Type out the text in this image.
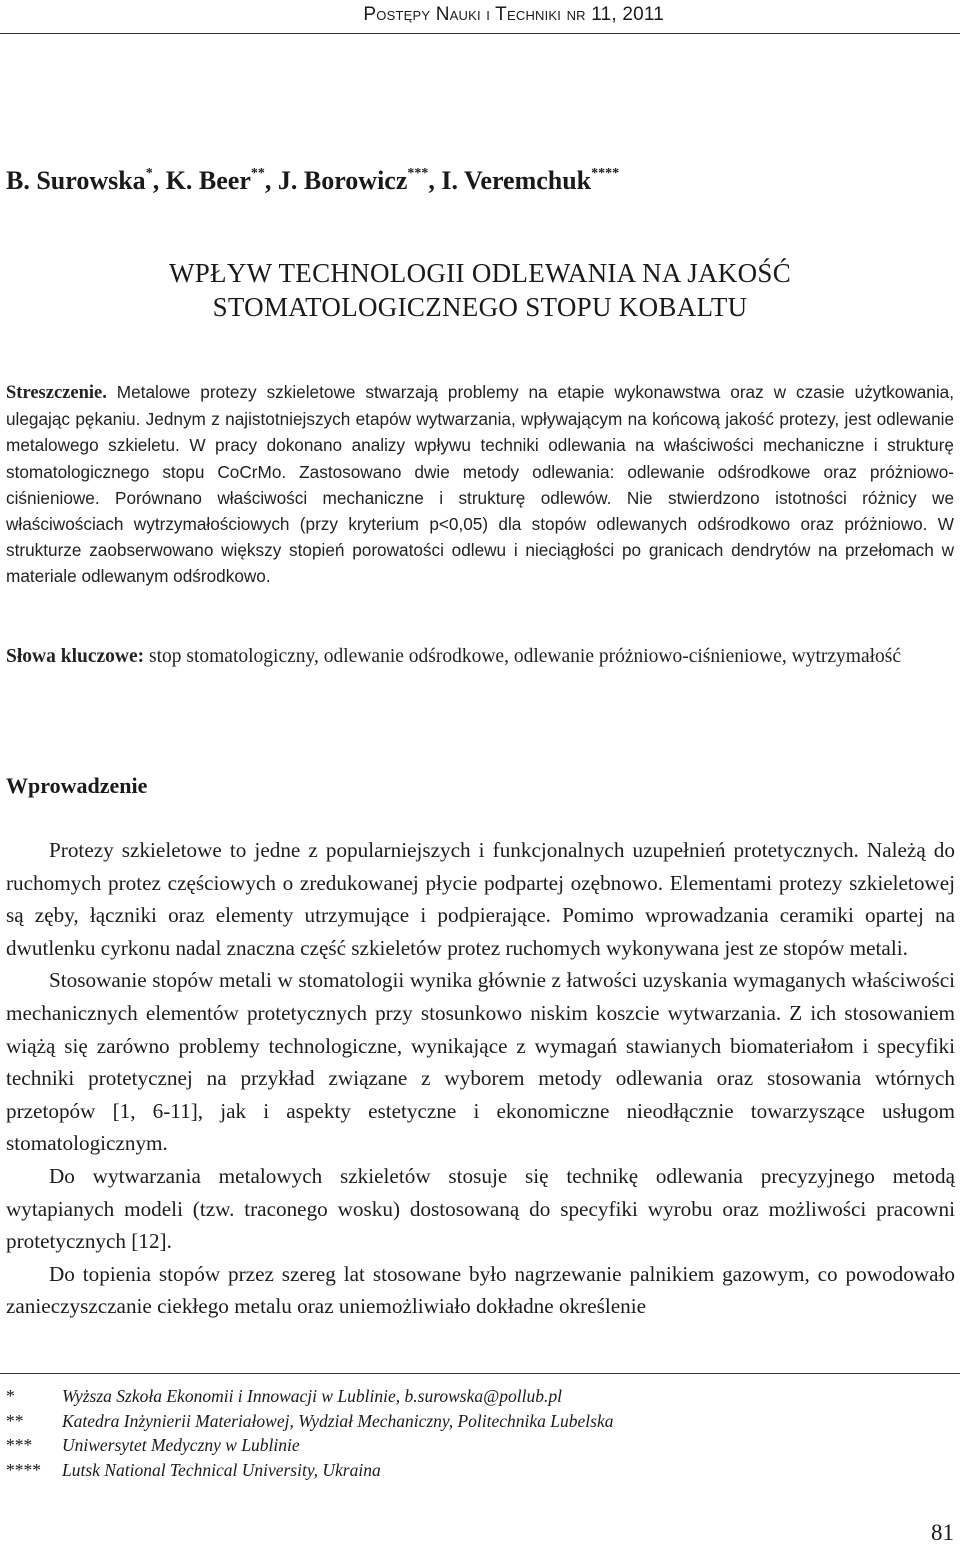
Postępy Nauki i Techniki nr 11, 2011
B. Surowska*, K. Beer**, J. Borowicz***, I. Veremchuk****
WPŁYW TECHNOLOGII ODLEWANIA NA JAKOŚĆ
STOMATOLOGICZNEGO STOPU KOBALTU
Streszczenie. Metalowe protezy szkieletowe stwarzają problemy na etapie wykonawstwa oraz w czasie użytkowania, ulegając pękaniu. Jednym z najistotniejszych etapów wytwarzania, wpływającym na końcową jakość protezy, jest odlewanie metalowego szkieletu. W pracy dokonano analizy wpływu techniki odlewania na właściwości mechaniczne i strukturę stomatologicznego stopu CoCrMo. Zastosowano dwie metody odlewania: odlewanie odśrodkowe oraz próżniowo-ciśnieniowe. Porównano właściwości mechaniczne i strukturę odlewów. Nie stwierdzono istotności różnicy we właściwościach wytrzymałościowych (przy kryterium p<0,05) dla stopów odlewanych odśrodkowo oraz próżniowo. W strukturze zaobserwowano większy stopień porowatości odlewu i nieciągłości po granicach dendrytów na przełomach w materiale odlewanym odśrodkowo.
Słowa kluczowe: stop stomatologiczny, odlewanie odśrodkowe, odlewanie próżniowo-ciśnieniowe, wytrzymałość
Wprowadzenie

Protezy szkieletowe to jedne z popularniejszych i funkcjonalnych uzupełnień protetycznych. Należą do ruchomych protez częściowych o zredukowanej płycie podpartej ozębnowo. Elementami protezy szkieletowej są zęby, łączniki oraz elementy utrzymujące i podpierające. Pomimo wprowadzania ceramiki opartej na dwutlenku cyrkonu nadal znaczna część szkieletów protez ruchomych wykonywana jest ze stopów metali.

Stosowanie stopów metali w stomatologii wynika głównie z łatwości uzyskania wymaganych właściwości mechanicznych elementów protetycznych przy stosunkowo niskim koszcie wytwarzania. Z ich stosowaniem wiążą się zarówno problemy technologiczne, wynikające z wymagań stawianych biomateriałom i specyfiki techniki protetycznej na przykład związane z wyborem metody odlewania oraz stosowania wtórnych przetopów [1, 6-11], jak i aspekty estetyczne i ekonomiczne nieodłącznie towarzyszące usługom stomatologicznym.

Do wytwarzania metalowych szkieletów stosuje się technikę odlewania precyzyjnego metodą wytapianych modeli (tzw. traconego wosku) dostosowaną do specyfiki wyrobu oraz możliwości pracowni protetycznych [12].

Do topienia stopów przez szereg lat stosowane było nagrzewanie palnikiem gazowym, co powodowało zanieczyszczanie ciekłego metalu oraz uniemożliwiało dokładne określenie

*	Wyższa Szkoła Ekonomii i Innowacji w Lublinie, b.surowska@pollub.pl
**	Katedra Inżynierii Materiałowej, Wydział Mechaniczny, Politechnika Lubelska
***	Uniwersytet Medyczny w Lublinie
****	Lutsk National Technical University, Ukraina
81
